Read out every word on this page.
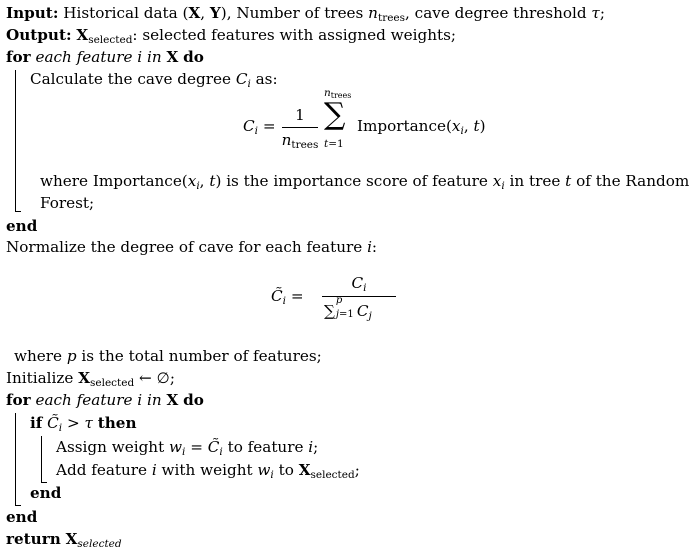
Input: Historical data (X, Y), Number of trees $n_{trees}$, cave degree threshold τ;
Output: $X_{selected}$: selected features with assigned weights;
for each feature i in X do
Calculate the cave degree $C_i$ as:
$C_i$ =
1
$n_{trees}$
$n_{trees}$
∑
t=1
$Importance(x_i$, t)
where $Importance(x_i$, t) is the importance score of feature $x_i$ in tree t of the Random
Forest;
end
Normalize the degree of cave for each feature i:
$C̃_i$ =
$C_i$
∑
p
j=1 $C_j$
where p is the total number of features;
Initialize $X_{selected}$ ← ∅;
for each feature i in X do
if $C̃_i > \tau$ then
Assign weight $w_i$ = $C̃_i$ to feature i;
Add feature i with weight $w_i$ to $X_{selected}$;
end
end
return $X_{selected}$
